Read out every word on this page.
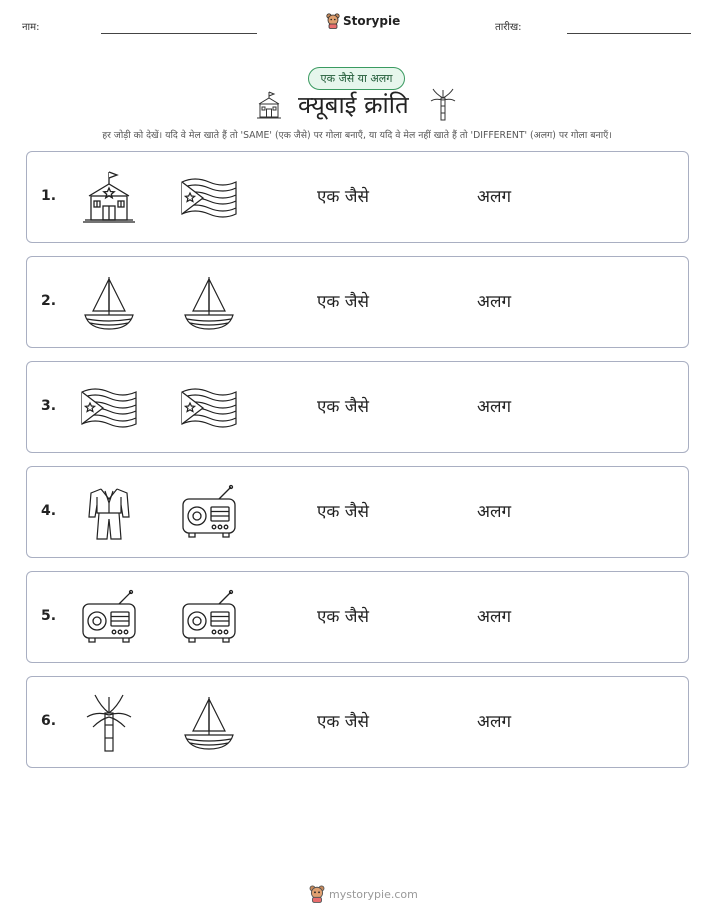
नाम:	Storypie	तारीख:
एक जैसे या अलग
क्यूबाई क्रांति
हर जोड़ी को देखें। यदि वे मेल खाते हैं तो 'SAME' (एक जैसे) पर गोला बनाएँ, या यदि वे मेल नहीं खाते हैं तो 'DIFFERENT' (अलग) पर गोला बनाएँ।
1.	एक जैसे	अलग
2.	एक जैसे	अलग
3.	एक जैसे	अलग
4.	एक जैसे	अलग
5.	एक जैसे	अलग
6.	एक जैसे	अलग
mystorypie.com
